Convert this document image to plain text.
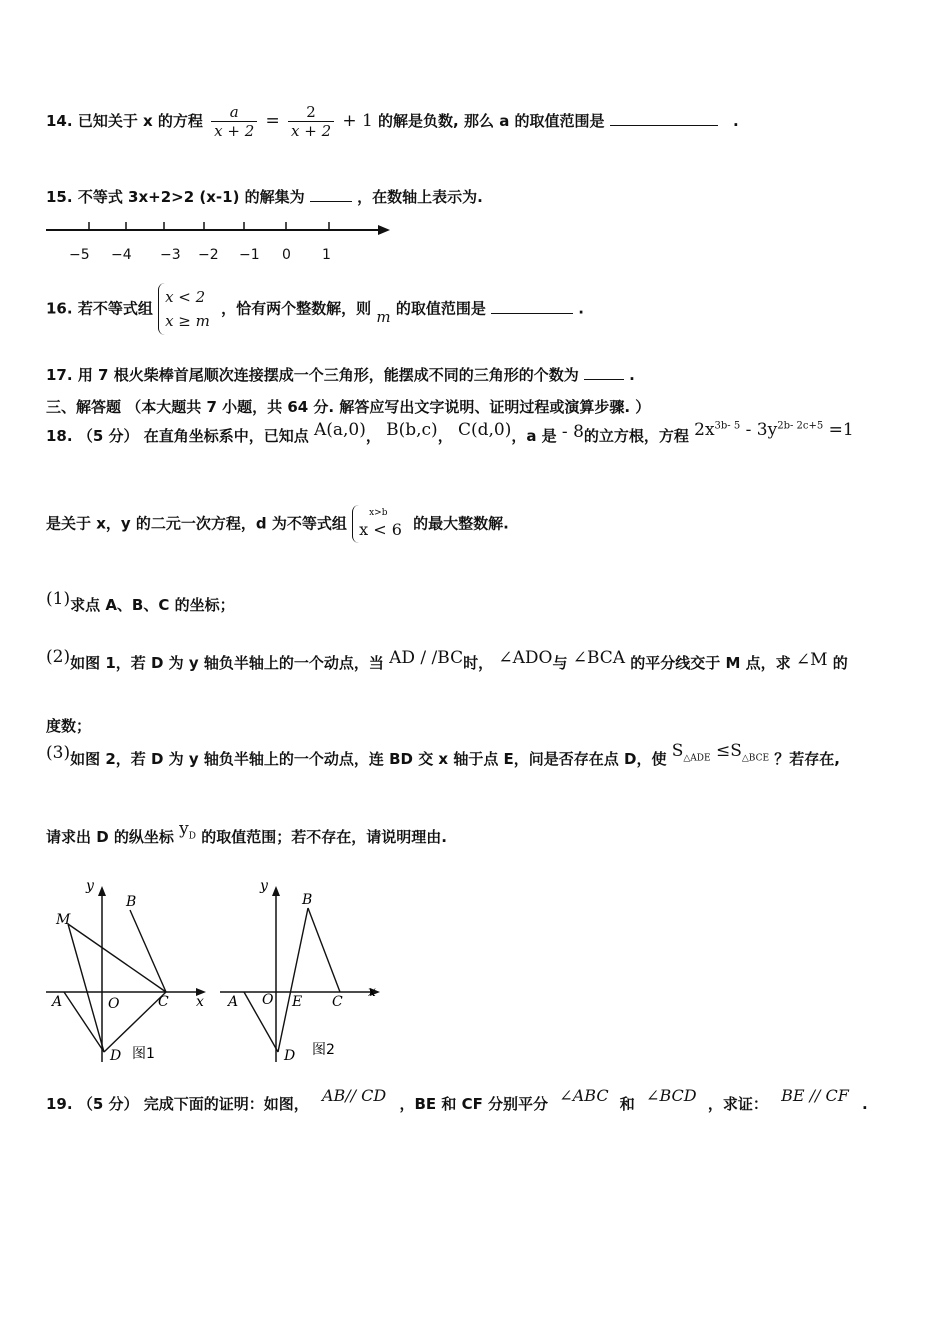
14. 已知关于 x 的方程 $\frac{a}{x + 2} = \frac{2}{x + 2} + 1$ 的解是负数, 那么 a 的取值范围是	.
15. 不等式 3x+2>2 (x-1) 的解集为	，在数轴上表示为.
−5 −4 −3 −2 −1 0 1
16. 若不等式组
x < 2
x ≥ m
，恰有两个整数解，则 m 的取值范围是	.
17. 用 7 根火柴棒首尾顺次连接摆成一个三角形，能摆成不同的三角形的个数为	.
三、解答题 （本大题共 7 小题，共 64 分. 解答应写出文字说明、证明过程或演算步骤. ）
18. （5 分） 在直角坐标系中，已知点 A(a,0)， B(b,c)， C(d,0)，a 是 - 8的立方根，方程 $2x^{3b- 5} - 3y^{2b- 2c+5} =1$
是关于 x，y 的二元一次方程，d 为不等式组
x>b
x < 6 的最大整数解.
(1)求点 A、B、C 的坐标；
(2)如图 1，若 D 为 y 轴负半轴上的一个动点，当 AD / /BC时， ∠ADO与 ∠BCA 的平分线交于 M 点，求 ∠M 的
度数；
(3)如图 2，若 D 为 y 轴负半轴上的一个动点，连 BD 交 x 轴于点 E，问是否存在点 D，使 $S_{\triangle ADE} \le S_{\triangle BCE}$ ？若存在,
请求出 D 的纵坐标 $y_D$ 的取值范围；若不存在，请说明理由.
y
x
M
B
A	O	C
D 图1
y
x
B
A O E C
D 图2
19. （5 分） 完成下面的证明：如图， AB// CD ，BE 和 CF 分别平分 ∠ABC 和 ∠BCD ，求证： BE // CF .
